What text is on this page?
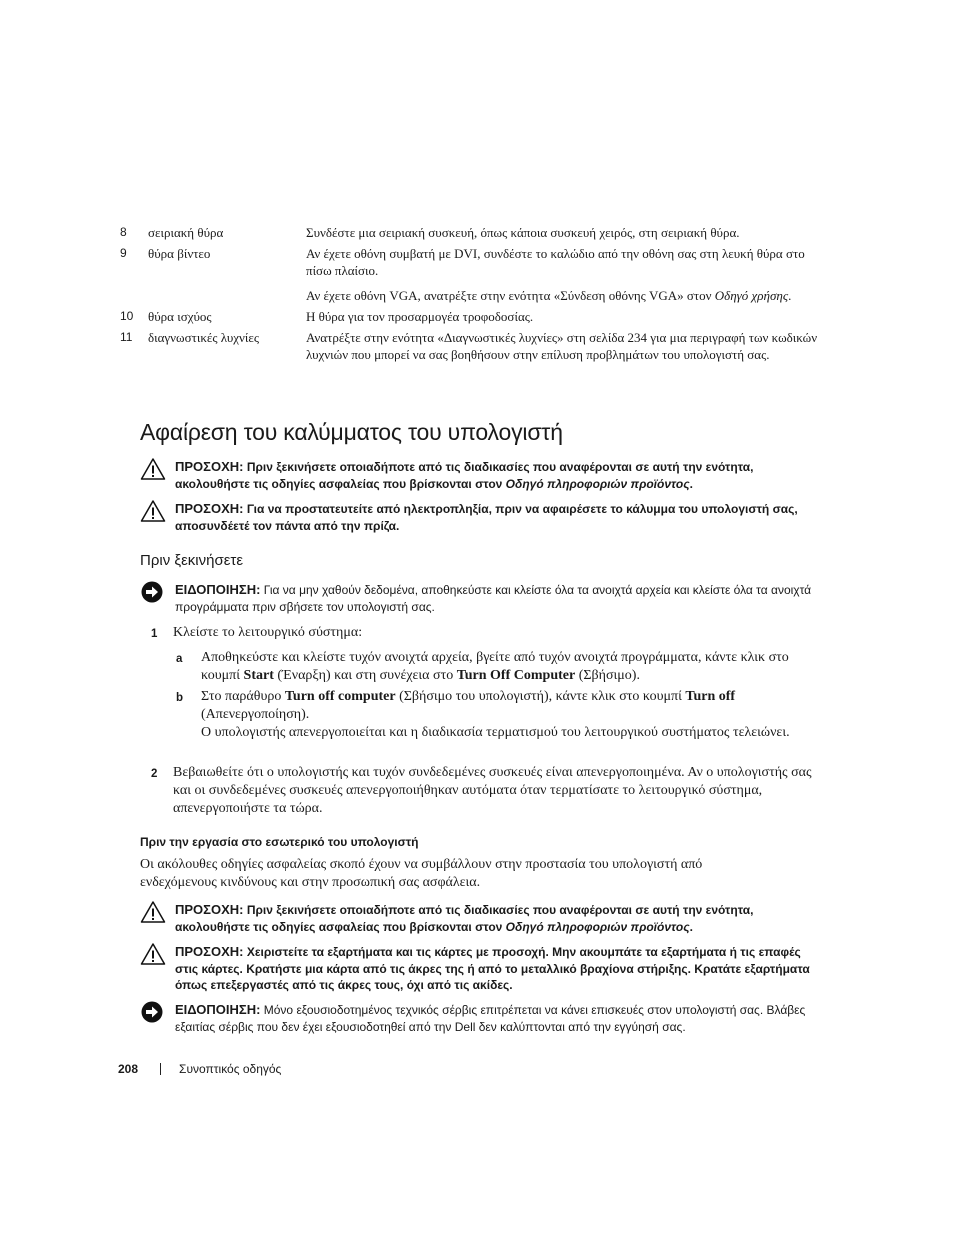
8	σειριακή θύρα	Συνδέστε μια σειριακή συσκευή, όπως κάποια συσκευή χειρός, στη σειριακή θύρα.

9	θύρα βίντεο	Αν έχετε οθόνη συμβατή με DVI, συνδέστε το καλώδιο από την οθόνη σας στη λευκή θύρα στο πίσω πλαίσιο.

Αν έχετε οθόνη VGA, ανατρέξτε στην ενότητα «Σύνδεση οθόνης VGA» στον Οδηγό χρήσης.

10	θύρα ισχύος	Η θύρα για τον προσαρμογέα τροφοδοσίας.

11	διαγνωστικές λυχνίες	Ανατρέξτε στην ενότητα «Διαγνωστικές λυχνίες» στη σελίδα 234 για μια περιγραφή των κωδικών λυχνιών που μπορεί να σας βοηθήσουν στην επίλυση προβλημάτων του υπολογιστή σας.

Αφαίρεση του καλύμματος του υπολογιστή
ΠΡΟΣΟΧΗ: Πριν ξεκινήσετε οποιαδήποτε από τις διαδικασίες που αναφέρονται σε αυτή την ενότητα, ακολουθήστε τις οδηγίες ασφαλείας που βρίσκονται στον Οδηγό πληροφοριών προϊόντος.
ΠΡΟΣΟΧΗ: Για να προστατευτείτε από ηλεκτροπληξία, πριν να αφαιρέσετε το κάλυμμα του υπολογιστή σας, αποσυνδέετέ τον πάντα από την πρίζα.
Πριν ξεκινήσετε
ΕΙΔΟΠΟΙΗΣΗ: Για να μην χαθούν δεδομένα, αποθηκεύστε και κλείστε όλα τα ανοιχτά αρχεία και κλείστε όλα τα ανοιχτά προγράμματα πριν σβήσετε τον υπολογιστή σας.
1 Κλείστε το λειτουργικό σύστημα:

a Αποθηκεύστε και κλείστε τυχόν ανοιχτά αρχεία, βγείτε από τυχόν ανοιχτά προγράμματα, κάντε κλικ στο κουμπί Start (Έναρξη) και στη συνέχεια στο Turn Off Computer (Σβήσιμο).

b Στο παράθυρο Turn off computer (Σβήσιμο του υπολογιστή), κάντε κλικ στο κουμπί Turn off (Απενεργοποίηση).

Ο υπολογιστής απενεργοποιείται και η διαδικασία τερματισμού του λειτουργικού συστήματος τελειώνει.

2 Βεβαιωθείτε ότι ο υπολογιστής και τυχόν συνδεδεμένες συσκευές είναι απενεργοποιημένα. Αν ο υπολογιστής σας και οι συνδεδεμένες συσκευές απενεργοποιήθηκαν αυτόματα όταν τερματίσατε το λειτουργικό σύστημα, απενεργοποιήστε τα τώρα.

Πριν την εργασία στο εσωτερικό του υπολογιστή
Οι ακόλουθες οδηγίες ασφαλείας σκοπό έχουν να συμβάλλουν στην προστασία του υπολογιστή από ενδεχόμενους κινδύνους και στην προσωπική σας ασφάλεια.
ΠΡΟΣΟΧΗ: Πριν ξεκινήσετε οποιαδήποτε από τις διαδικασίες που αναφέρονται σε αυτή την ενότητα, ακολουθήστε τις οδηγίες ασφαλείας που βρίσκονται στον Οδηγό πληροφοριών προϊόντος.
ΠΡΟΣΟΧΗ: Χειριστείτε τα εξαρτήματα και τις κάρτες με προσοχή. Μην ακουμπάτε τα εξαρτήματα ή τις επαφές στις κάρτες. Κρατήστε μια κάρτα από τις άκρες της ή από το μεταλλικό βραχίονα στήριξης. Κρατάτε εξαρτήματα όπως επεξεργαστές από τις άκρες τους, όχι από τις ακίδες.
ΕΙΔΟΠΟΙΗΣΗ: Μόνο εξουσιοδοτημένος τεχνικός σέρβις επιτρέπεται να κάνει επισκευές στον υπολογιστή σας. Βλάβες εξαιτίας σέρβις που δεν έχει εξουσιοδοτηθεί από την Dell δεν καλύπτονται από την εγγύησή σας.
208	Συνοπτικός οδηγός
